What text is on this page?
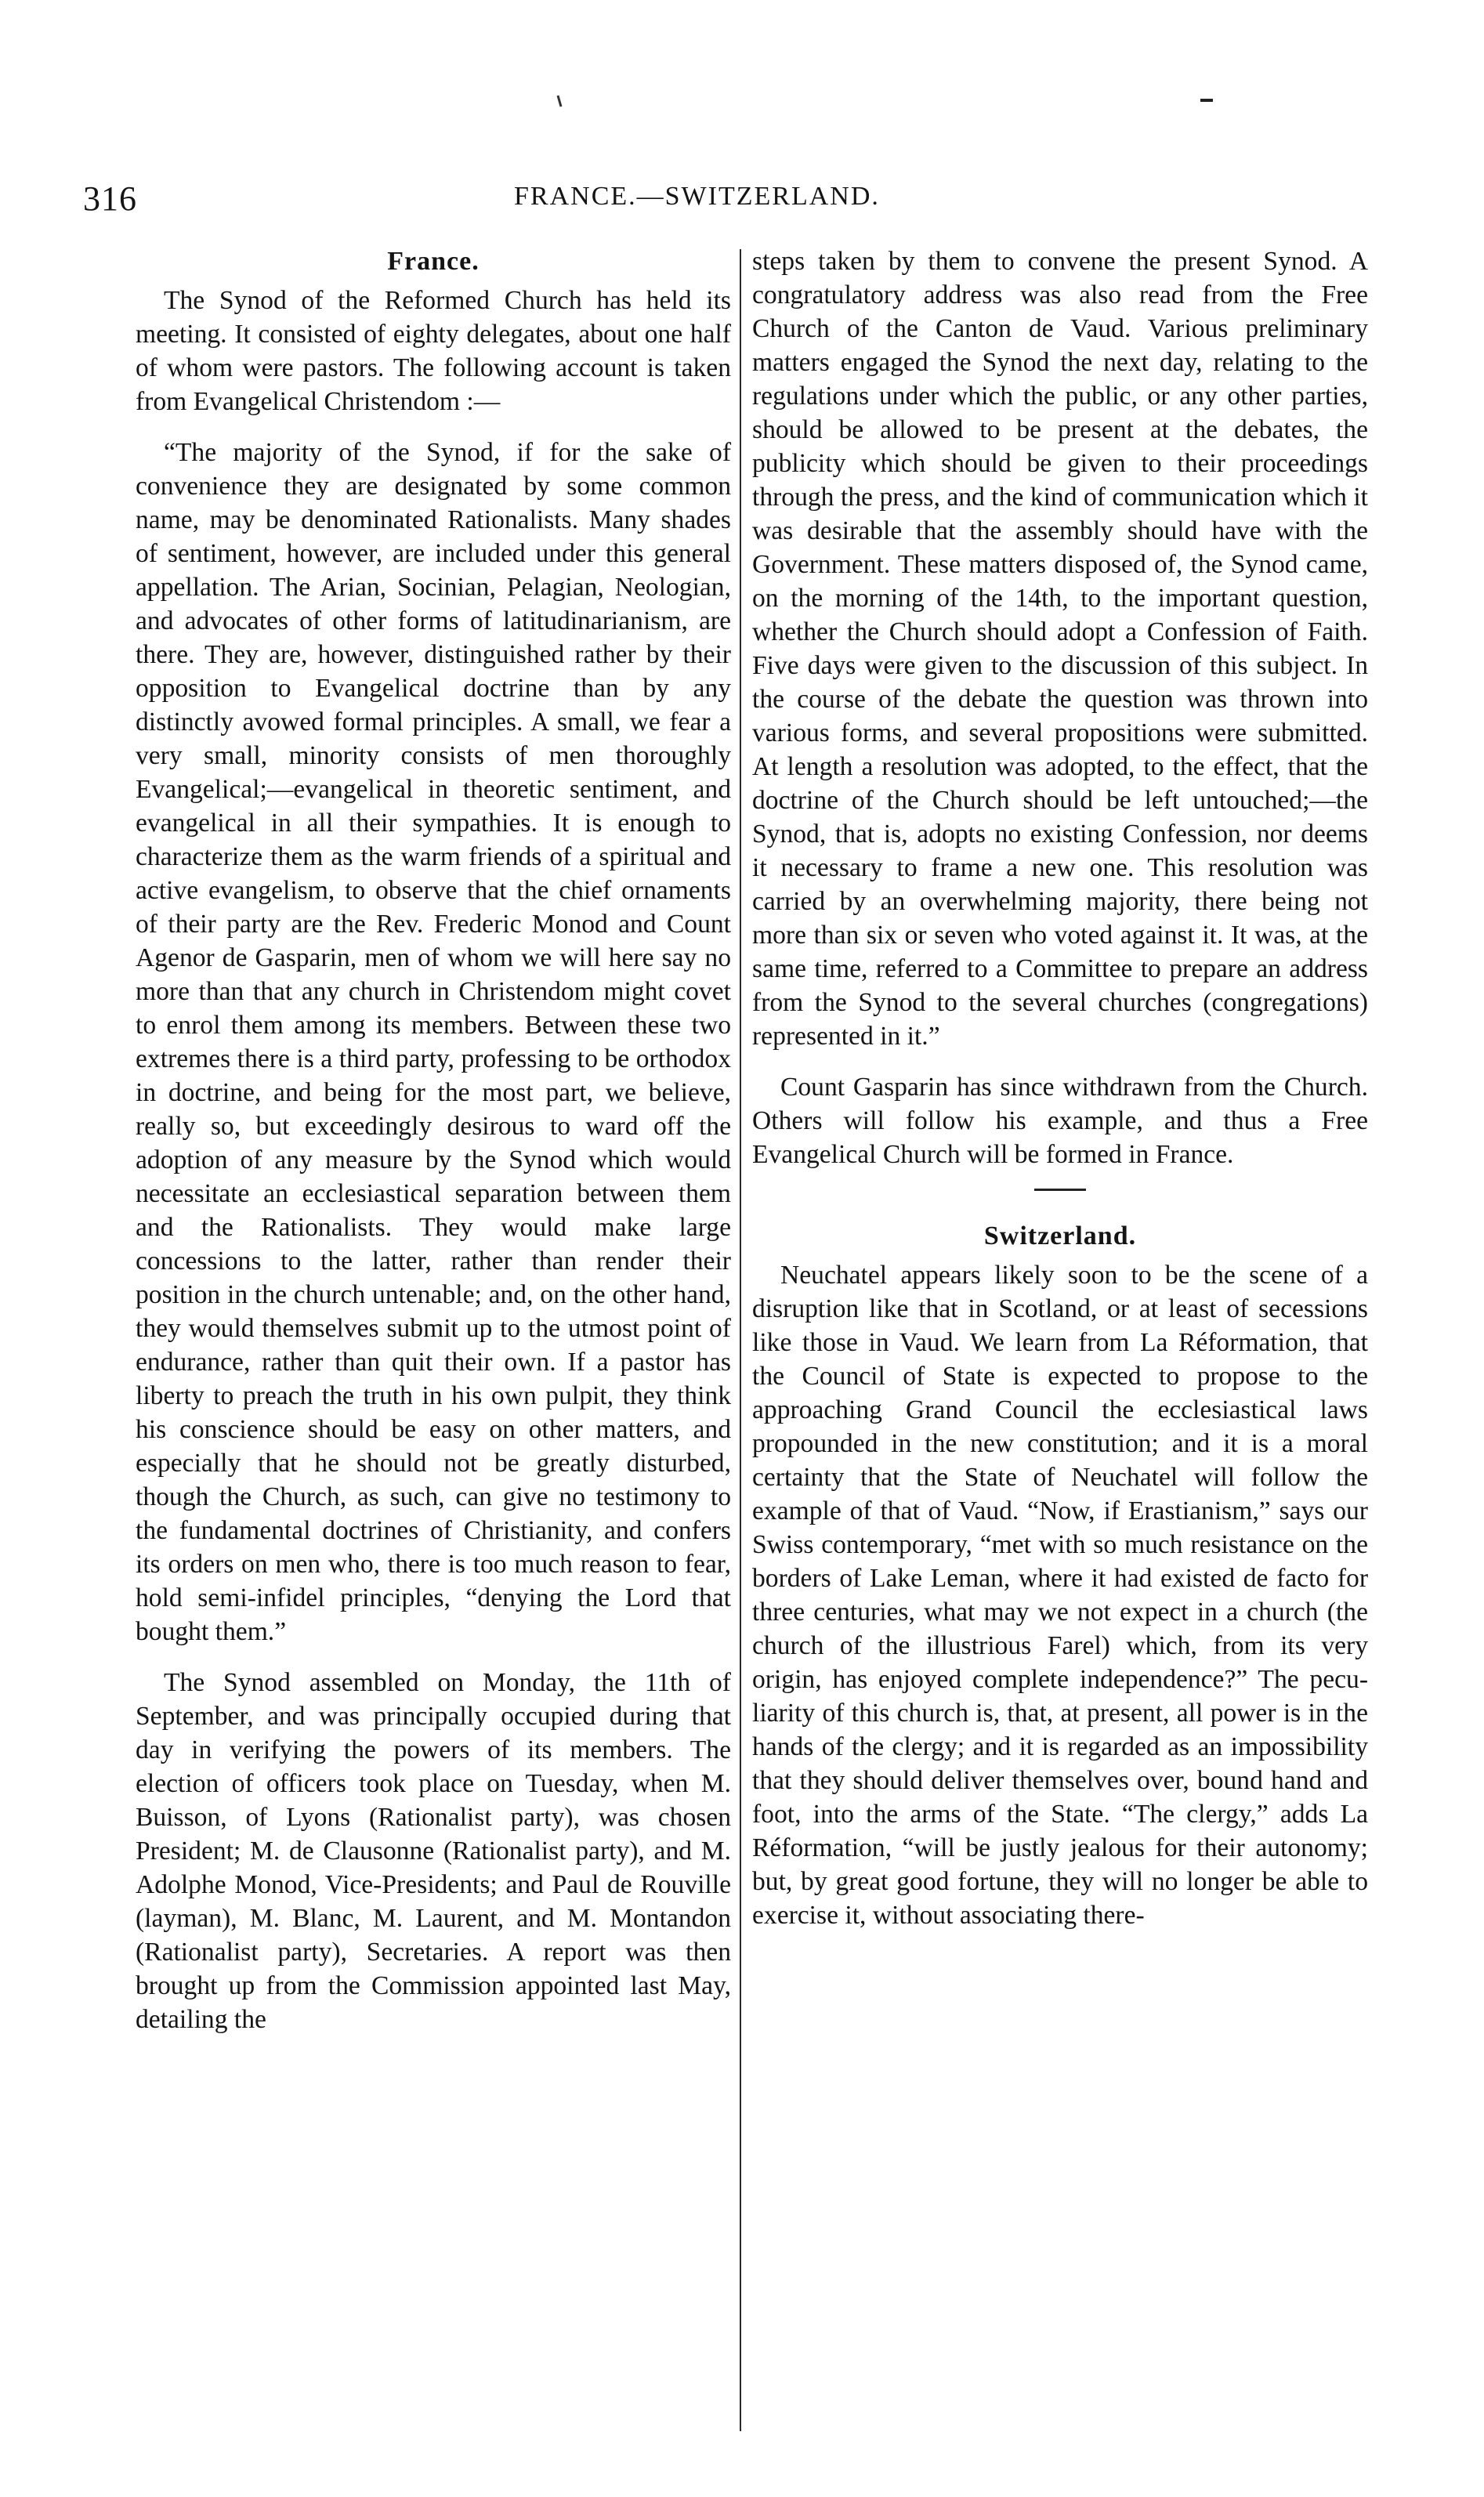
316	FRANCE.—SWITZERLAND.
France.

The Synod of the Reformed Church has held its meeting. It consisted of eighty delegates, about one half of whom were pastors. The following account is taken from Evangelical Christendom :—

“The majority of the Synod, if for the sake of convenience they are designated by some common name, may be denominated Rationalists. Many shades of sentiment, however, are included under this general appellation. The Arian, Socinian, Pelagian, Neologian, and advocates of other forms of latitudinarianism, are there. They are, however, distinguished rather by their opposition to Evangelical doctrine than by any distinctly avowed formal principles. A small, we fear a very small, minority consists of men thoroughly Evangelical;—evangelical in theoretic sentiment, and evangelical in all their sympathies. It is enough to characterize them as the warm friends of a spiritual and active evangelism, to observe that the chief ornaments of their party are the Rev. Frederic Monod and Count Agenor de Gasparin, men of whom we will here say no more than that any church in Christendom might covet to enrol them among its members. Between these two extremes there is a third party, professing to be orthodox in doctrine, and being for the most part, we believe, really so, but exceedingly desirous to ward off the adoption of any measure by the Synod which would necessitate an ecclesiastical separation between them and the Rationalists. They would make large concessions to the latter, rather than render their position in the church untenable; and, on the other hand, they would themselves submit up to the utmost point of endurance, rather than quit their own. If a pastor has liberty to preach the truth in his own pulpit, they think his conscience should be easy on other matters, and especially that he should not be greatly disturbed, though the Church, as such, can give no testimony to the fundamental doctrines of Christianity, and confers its orders on men who, there is too much reason to fear, hold semi-infidel principles, “denying the Lord that bought them.”

The Synod assembled on Monday, the 11th of September, and was principally occupied during that day in verifying the powers of its members. The election of officers took place on Tuesday, when M. Buisson, of Lyons (Rationalist party), was chosen President; M. de Clausonne (Rationalist party), and M. Adolphe Monod, Vice-Presidents; and Paul de Rouville (layman), M. Blanc, M. Laurent, and M. Montandon (Rationalist party), Secretaries. A report was then brought up from the Commission appointed last May, detailing the

steps taken by them to convene the present Synod. A congratulatory address was also read from the Free Church of the Canton de Vaud. Various preliminary matters engaged the Synod the next day, relating to the regulations under which the public, or any other parties, should be allowed to be present at the debates, the publicity which should be given to their proceedings through the press, and the kind of communication which it was desirable that the assembly should have with the Government. These matters disposed of, the Synod came, on the morning of the 14th, to the important question, whether the Church should adopt a Confession of Faith. Five days were given to the discussion of this subject. In the course of the debate the question was thrown into various forms, and several propositions were submitted. At length a resolution was adopted, to the effect, that the doctrine of the Church should be left untouched;—the Synod, that is, adopts no existing Confession, nor deems it necessary to frame a new one. This resolution was carried by an overwhelming majority, there being not more than six or seven who voted against it. It was, at the same time, referred to a Committee to prepare an address from the Synod to the several churches (congregations) represented in it.”

Count Gasparin has since withdrawn from the Church. Others will follow his example, and thus a Free Evangelical Church will be formed in France.

Switzerland.

Neuchatel appears likely soon to be the scene of a disruption like that in Scotland, or at least of secessions like those in Vaud. We learn from La Réformation, that the Council of State is expected to propose to the approaching Grand Council the ecclesiastical laws propounded in the new constitution; and it is a moral certainty that the State of Neuchatel will follow the example of that of Vaud. “Now, if Erastianism,” says our Swiss contemporary, “met with so much resistance on the borders of Lake Leman, where it had existed de facto for three centuries, what may we not expect in a church (the church of the illustrious Farel) which, from its very origin, has enjoyed complete independence?” The peculiarity of this church is, that, at present, all power is in the hands of the clergy; and it is regarded as an impossibility that they should deliver themselves over, bound hand and foot, into the arms of the State. “The clergy,” adds La Réformation, “will be justly jealous for their autonomy; but, by great good fortune, they will no longer be able to exercise it, without associating there-
